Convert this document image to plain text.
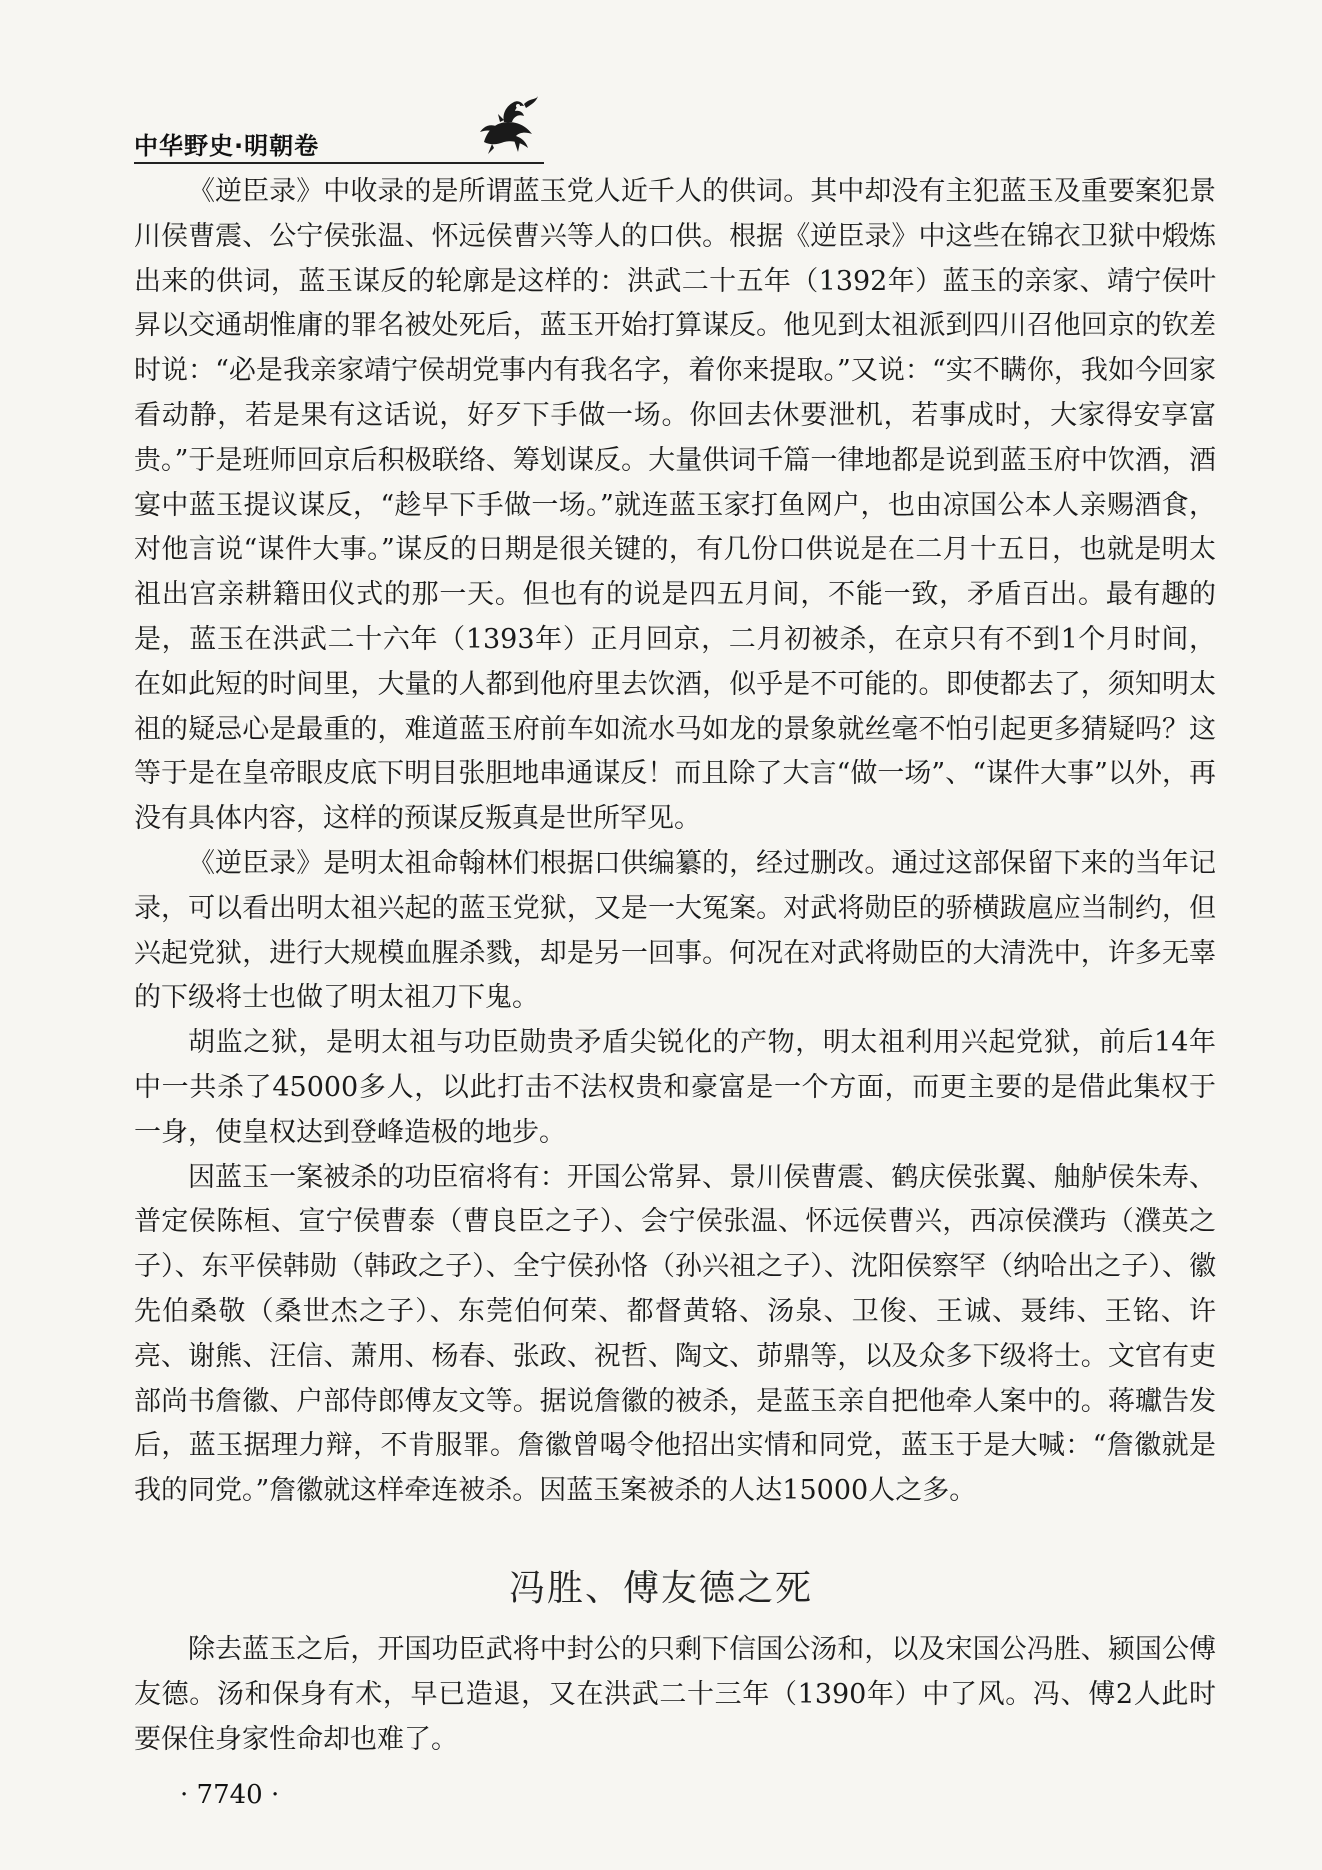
中华野史·明朝卷

《逆臣录》中收录的是所谓蓝玉党人近千人的供词。其中却没有主犯蓝玉及重要案犯景川侯曹震、公宁侯张温、怀远侯曹兴等人的口供。根据《逆臣录》中这些在锦衣卫狱中煅炼出来的供词，蓝玉谋反的轮廓是这样的：洪武二十五年（1392年）蓝玉的亲家、靖宁侯叶昇以交通胡惟庸的罪名被处死后，蓝玉开始打算谋反。他见到太祖派到四川召他回京的钦差时说：“必是我亲家靖宁侯胡党事内有我名字，着你来提取。”又说：“实不瞒你，我如今回家看动静，若是果有这话说，好歹下手做一场。你回去休要泄机，若事成时，大家得安享富贵。”于是班师回京后积极联络、筹划谋反。大量供词千篇一律地都是说到蓝玉府中饮酒，酒宴中蓝玉提议谋反，“趁早下手做一场。”就连蓝玉家打鱼网户，也由凉国公本人亲赐酒食，对他言说“谋件大事。”谋反的日期是很关键的，有几份口供说是在二月十五日，也就是明太祖出宫亲耕籍田仪式的那一天。但也有的说是四五月间，不能一致，矛盾百出。最有趣的是，蓝玉在洪武二十六年（1393年）正月回京，二月初被杀，在京只有不到1个月时间，在如此短的时间里，大量的人都到他府里去饮酒，似乎是不可能的。即使都去了，须知明太祖的疑忌心是最重的，难道蓝玉府前车如流水马如龙的景象就丝毫不怕引起更多猜疑吗？这等于是在皇帝眼皮底下明目张胆地串通谋反！而且除了大言“做一场”、“谋件大事”以外，再没有具体内容，这样的预谋反叛真是世所罕见。

《逆臣录》是明太祖命翰林们根据口供编纂的，经过删改。通过这部保留下来的当年记录，可以看出明太祖兴起的蓝玉党狱，又是一大冤案。对武将勋臣的骄横跋扈应当制约，但兴起党狱，进行大规模血腥杀戮，却是另一回事。何况在对武将勋臣的大清洗中，许多无辜的下级将士也做了明太祖刀下鬼。

胡监之狱，是明太祖与功臣勋贵矛盾尖锐化的产物，明太祖利用兴起党狱，前后14年中一共杀了45000多人，以此打击不法权贵和豪富是一个方面，而更主要的是借此集权于一身，使皇权达到登峰造极的地步。

因蓝玉一案被杀的功臣宿将有：开国公常昇、景川侯曹震、鹤庆侯张翼、舳舻侯朱寿、普定侯陈桓、宣宁侯曹泰（曹良臣之子）、会宁侯张温、怀远侯曹兴，西凉侯濮玙（濮英之子）、东平侯韩勋（韩政之子）、全宁侯孙恪（孙兴祖之子）、沈阳侯察罕（纳哈出之子）、徽先伯桑敬（桑世杰之子）、东莞伯何荣、都督黄辂、汤泉、卫俊、王诚、聂纬、王铭、许亮、谢熊、汪信、萧用、杨春、张政、祝哲、陶文、茆鼎等，以及众多下级将士。文官有吏部尚书詹徽、户部侍郎傅友文等。据说詹徽的被杀，是蓝玉亲自把他牵人案中的。蒋瓛告发后，蓝玉据理力辩，不肯服罪。詹徽曾喝令他招出实情和同党，蓝玉于是大喊：“詹徽就是我的同党。”詹徽就这样牵连被杀。因蓝玉案被杀的人达15000人之多。

冯胜、傅友德之死

除去蓝玉之后，开国功臣武将中封公的只剩下信国公汤和，以及宋国公冯胜、颍国公傅友德。汤和保身有术，早已造退，又在洪武二十三年（1390年）中了风。冯、傅2人此时要保住身家性命却也难了。

· 7740 ·
